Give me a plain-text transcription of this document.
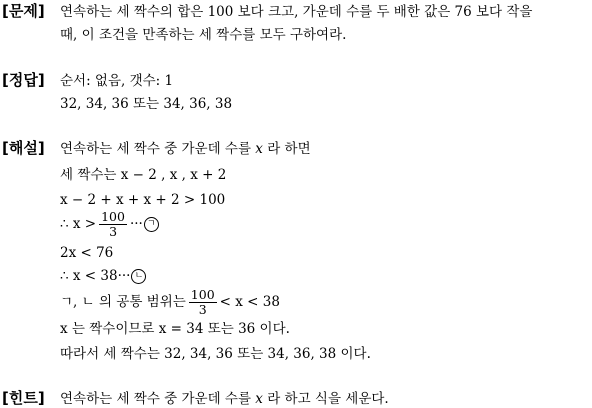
[문제] 연속하는 세 짝수의 합은 100 보다 크고, 가운데 수를 두 배한 값은 76 보다 작을
때, 이 조건을 만족하는 세 짝수를 모두 구하여라.
[정답] 순서: 없음, 갯수: 1
32, 34, 36 또는 34, 36, 38
[해설] 연속하는 세 짝수 중 가운데 수를 x 라 하면
세 짝수는 x − 2 , x , x + 2
x − 2 + x + x + 2 > 100
∴ $x > \frac{100}{3}$ ··· ㄱ
2x < 76
∴ x < 38··· ㄴ
ㄱ, ㄴ 의 공통 범위는 $\frac{100}{3} < x < 38$
x 는 짝수이므로 x = 34 또는 36 이다.
따라서 세 짝수는 32, 34, 36 또는 34, 36, 38 이다.
[힌트] 연속하는 세 짝수 중 가운데 수를 x 라 하고 식을 세운다.
